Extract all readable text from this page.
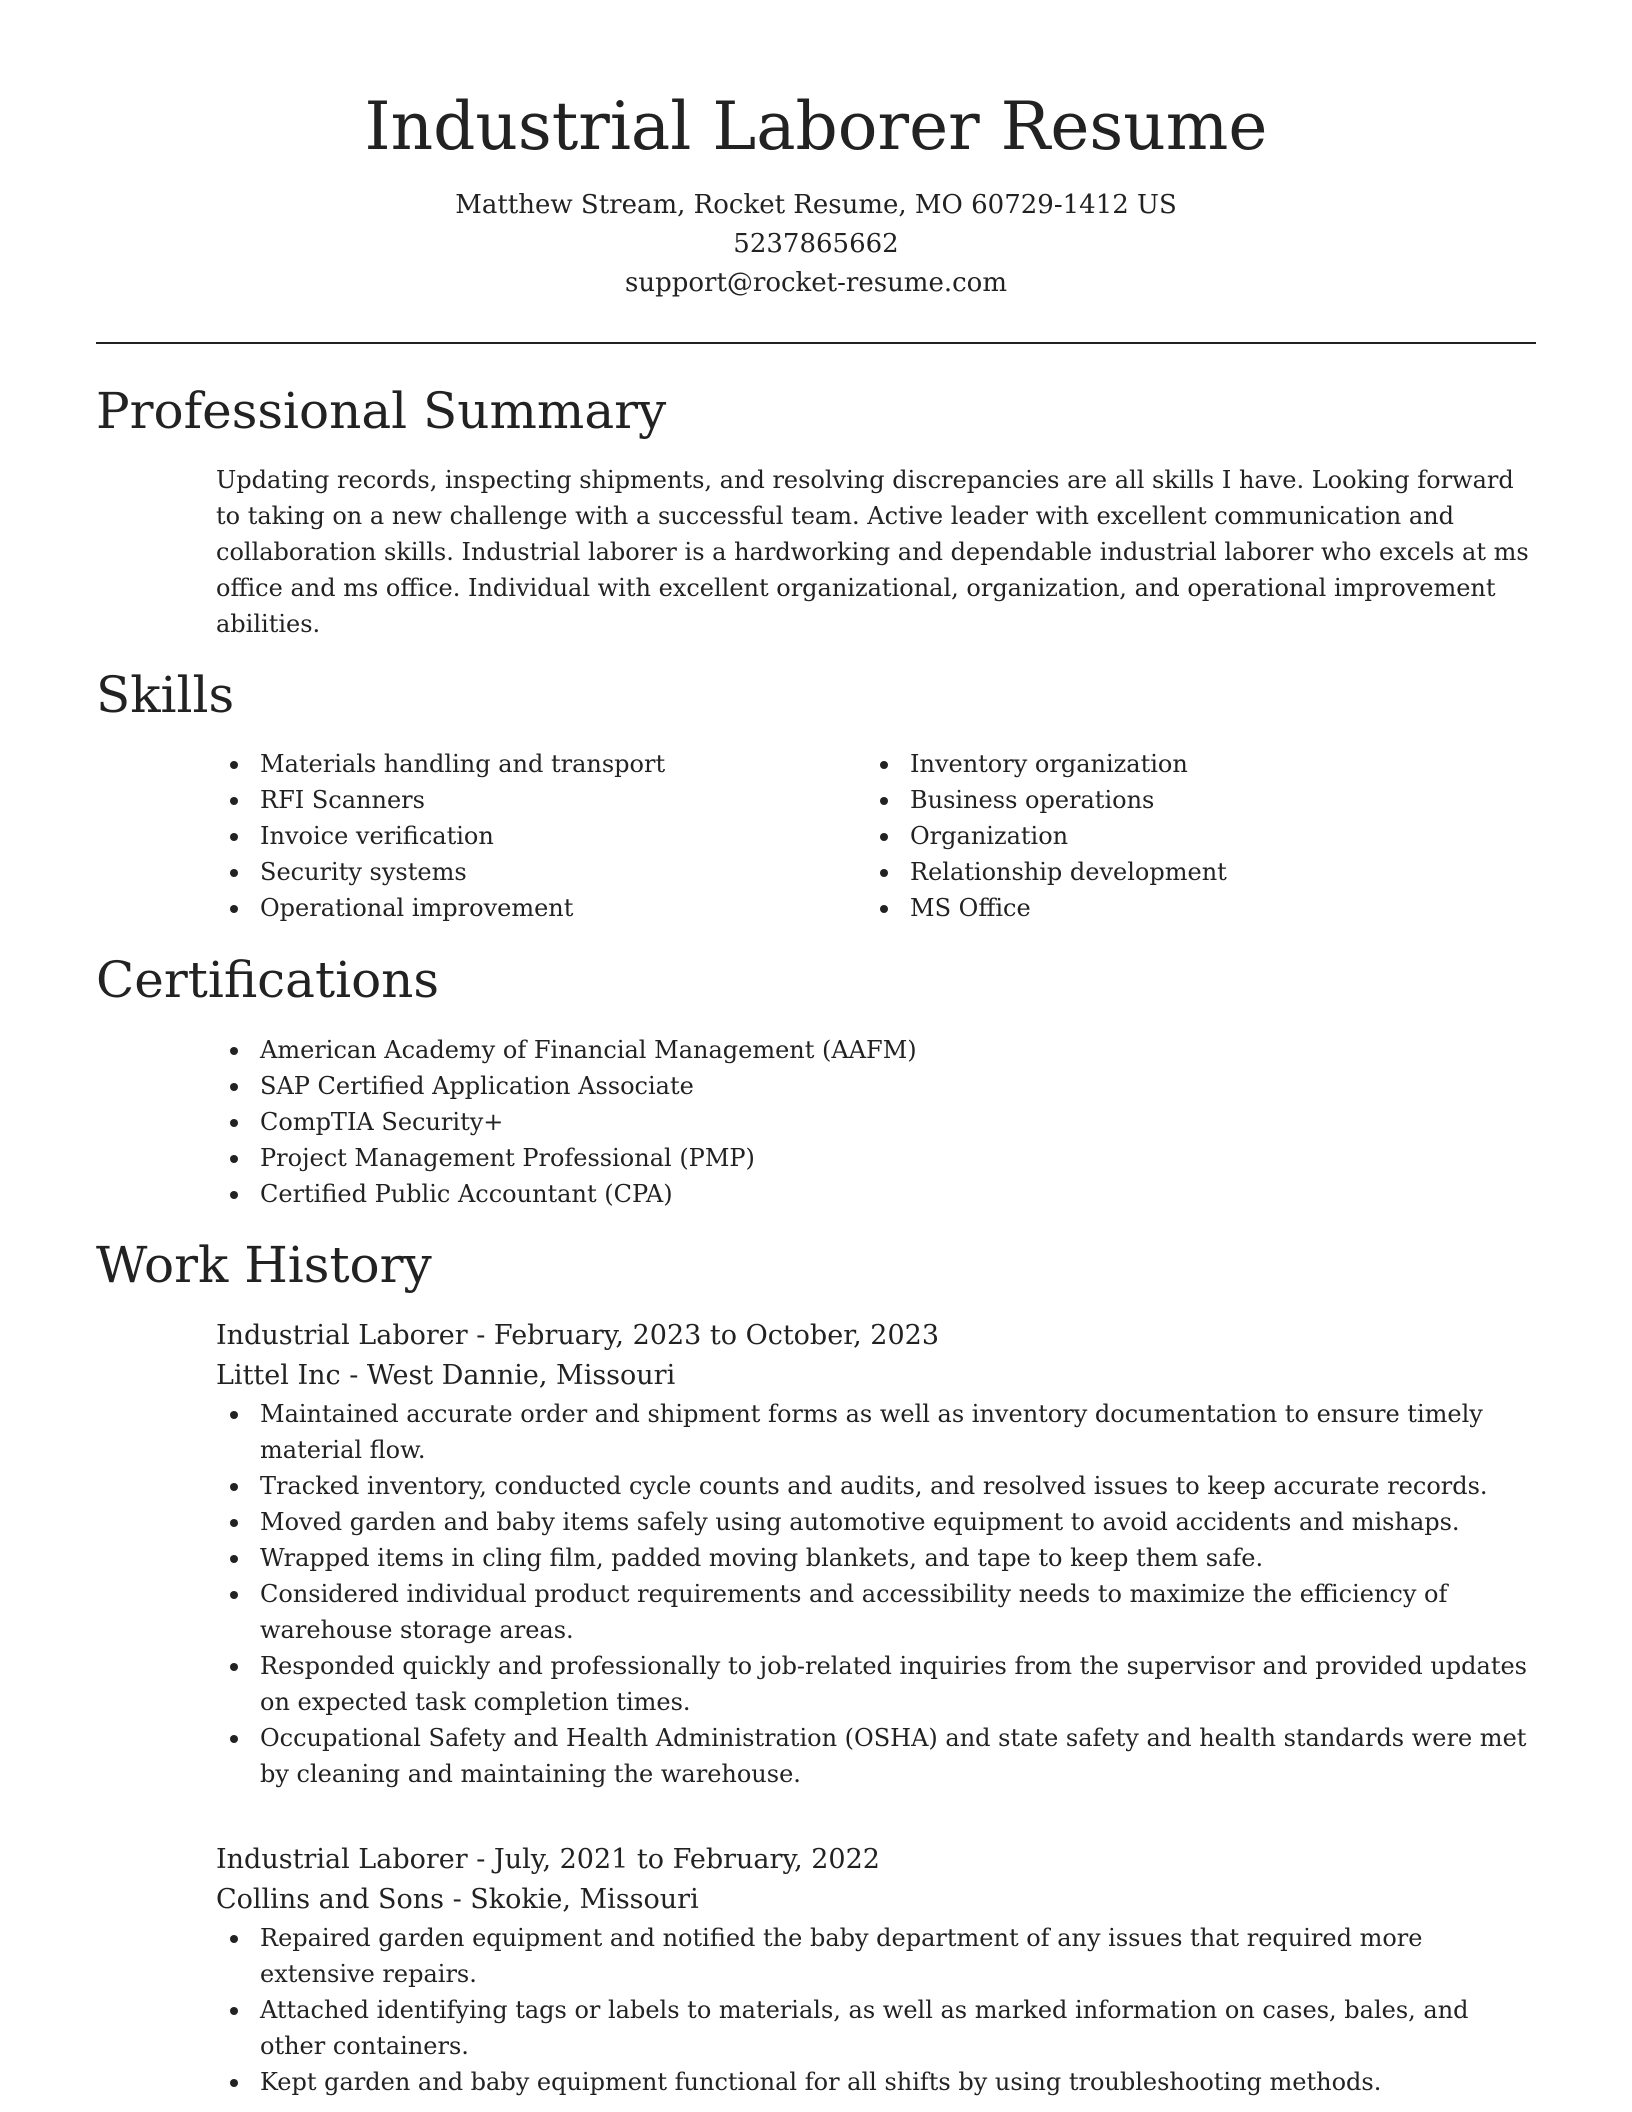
Industrial Laborer Resume
Matthew Stream, Rocket Resume, MO 60729-1412 US
5237865662
support@rocket-resume.com
Professional Summary

Updating records, inspecting shipments, and resolving discrepancies are all skills I have. Looking forward to taking on a new challenge with a successful team. Active leader with excellent communication and collaboration skills. Industrial laborer is a hardworking and dependable industrial laborer who excels at ms office and ms office. Individual with excellent organizational, organization, and operational improvement abilities.

Skills
Materials handling and transport
RFI Scanners
Invoice verification
Security systems
Operational improvement
Inventory organization
Business operations
Organization
Relationship development
MS Office
Certifications
American Academy of Financial Management (AAFM)
SAP Certified Application Associate
CompTIA Security+
Project Management Professional (PMP)
Certified Public Accountant (CPA)
Work History

Industrial Laborer - February, 2023 to October, 2023

Littel Inc - West Dannie, Missouri

Maintained accurate order and shipment forms as well as inventory documentation to ensure timely material flow.
Tracked inventory, conducted cycle counts and audits, and resolved issues to keep accurate records.
Moved garden and baby items safely using automotive equipment to avoid accidents and mishaps.
Wrapped items in cling film, padded moving blankets, and tape to keep them safe.
Considered individual product requirements and accessibility needs to maximize the efficiency of warehouse storage areas.
Responded quickly and professionally to job-related inquiries from the supervisor and provided updates on expected task completion times.
Occupational Safety and Health Administration (OSHA) and state safety and health standards were met by cleaning and maintaining the warehouse.

Industrial Laborer - July, 2021 to February, 2022

Collins and Sons - Skokie, Missouri

Repaired garden equipment and notified the baby department of any issues that required more extensive repairs.
Attached identifying tags or labels to materials, as well as marked information on cases, bales, and other containers.
Kept garden and baby equipment functional for all shifts by using troubleshooting methods.
